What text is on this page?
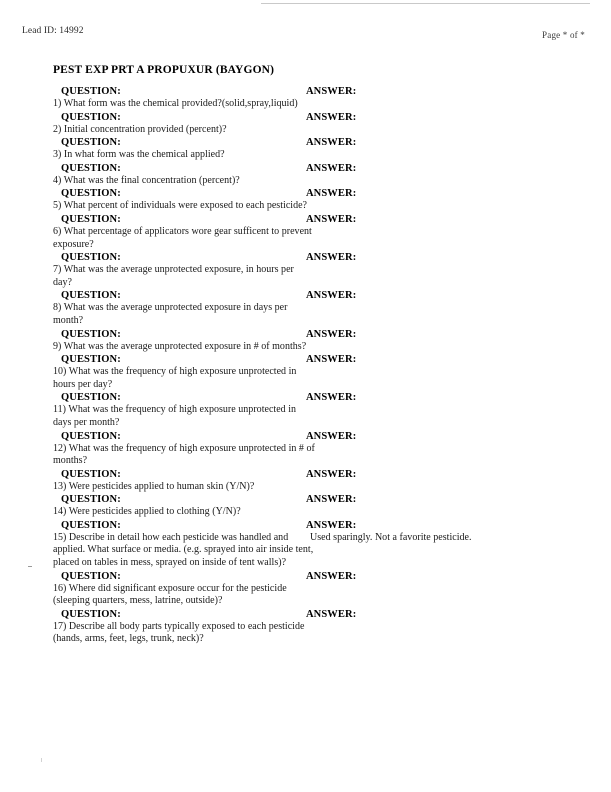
Lead ID: 14992	Page * of *
PEST EXP PRT A PROPUXUR (BAYGON)
QUESTION:
1) What form was the chemical provided?(solid,spray,liquid)
ANSWER:
QUESTION:
2) Initial concentration provided (percent)?
ANSWER:
QUESTION:
3) In what form was the chemical applied?
ANSWER:
QUESTION:
4) What was the final concentration (percent)?
ANSWER:
QUESTION:
5) What percent of individuals were exposed to each pesticide?
ANSWER:
QUESTION:
6) What percentage of applicators wore gear sufficent to prevent exposure?
ANSWER:
QUESTION:
7) What was the average unprotected exposure, in hours per day?
ANSWER:
QUESTION:
8) What was the average unprotected exposure in days per month?
ANSWER:
QUESTION:
9) What was the average unprotected exposure in # of months?
ANSWER:
QUESTION:
10) What was the frequency of high exposure unprotected in hours per day?
ANSWER:
QUESTION:
11) What was the frequency of high exposure unprotected in days per month?
ANSWER:
QUESTION:
12) What was the frequency of high exposure unprotected in # of months?
ANSWER:
QUESTION:
13) Were pesticides applied to human skin (Y/N)?
ANSWER:
QUESTION:
14) Were pesticides applied to clothing (Y/N)?
ANSWER:
QUESTION:
15) Describe in detail how each pesticide was handled and applied. What surface or media. (e.g. sprayed into air inside tent, placed on tables in mess, sprayed on inside of tent walls)?
ANSWER:
Used sparingly. Not a favorite pesticide.
QUESTION:
16) Where did significant exposure occur for the pesticide (sleeping quarters, mess, latrine, outside)?
ANSWER:
QUESTION:
17) Describe all body parts typically exposed to each pesticide (hands, arms, feet, legs, trunk, neck)?
ANSWER:
